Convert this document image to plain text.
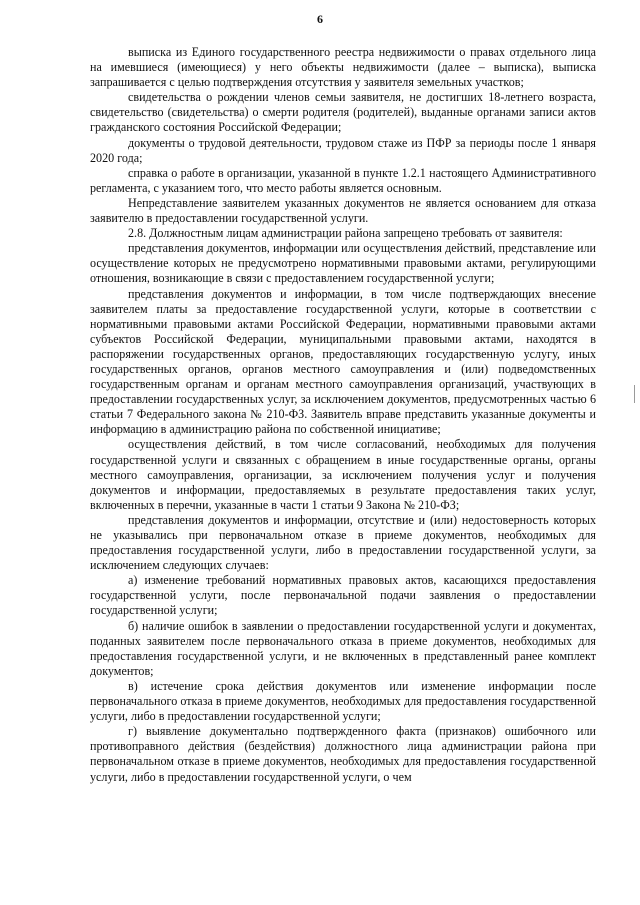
6

выписка из Единого государственного реестра недвижимости о правах отдельного лица на имевшиеся (имеющиеся) у него объекты недвижимости (далее – выписка), выписка запрашивается с целью подтверждения отсутствия у заявителя земельных участков;

свидетельства о рождении членов семьи заявителя, не достигших 18-летнего возраста, свидетельство (свидетельства) о смерти родителя (родителей), выданные органами записи актов гражданского состояния Российской Федерации;

документы о трудовой деятельности, трудовом стаже из ПФР за периоды после 1 января 2020 года;

справка о работе в организации, указанной в пункте 1.2.1 настоящего Административного регламента, с указанием того, что место работы является основным.

Непредставление заявителем указанных документов не является основанием для отказа заявителю в предоставлении государственной услуги.

2.8. Должностным лицам администрации района запрещено требовать от заявителя:

представления документов, информации или осуществления действий, представление или осуществление которых не предусмотрено нормативными правовыми актами, регулирующими отношения, возникающие в связи с предоставлением государственной услуги;

представления документов и информации, в том числе подтверждающих внесение заявителем платы за предоставление государственной услуги, которые в соответствии с нормативными правовыми актами Российской Федерации, нормативными правовыми актами субъектов Российской Федерации, муниципальными правовыми актами, находятся в распоряжении государственных органов, предоставляющих государственную услугу, иных государственных органов, органов местного самоуправления и (или) подведомственных государственным органам и органам местного самоуправления организаций, участвующих в предоставлении государственных услуг, за исключением документов, предусмотренных частью 6 статьи 7 Федерального закона № 210-ФЗ. Заявитель вправе представить указанные документы и информацию в администрацию района по собственной инициативе;

осуществления действий, в том числе согласований, необходимых для получения государственной услуги и связанных с обращением в иные государственные органы, органы местного самоуправления, организации, за исключением получения услуг и получения документов и информации, предоставляемых в результате предоставления таких услуг, включенных в перечни, указанные в части 1 статьи 9 Закона № 210-ФЗ;

представления документов и информации, отсутствие и (или) недостоверность которых не указывались при первоначальном отказе в приеме документов, необходимых для предоставления государственной услуги, либо в предоставлении государственной услуги, за исключением следующих случаев:

а) изменение требований нормативных правовых актов, касающихся предоставления государственной услуги, после первоначальной подачи заявления о предоставлении государственной услуги;

б) наличие ошибок в заявлении о предоставлении государственной услуги и документах, поданных заявителем после первоначального отказа в приеме документов, необходимых для предоставления государственной услуги, и не включенных в представленный ранее комплект документов;

в) истечение срока действия документов или изменение информации после первоначального отказа в приеме документов, необходимых для предоставления государственной услуги, либо в предоставлении государственной услуги;

г) выявление документально подтвержденного факта (признаков) ошибочного или противоправного действия (бездействия) должностного лица администрации района при первоначальном отказе в приеме документов, необходимых для предоставления государственной услуги, либо в предоставлении государственной услуги, о чем
